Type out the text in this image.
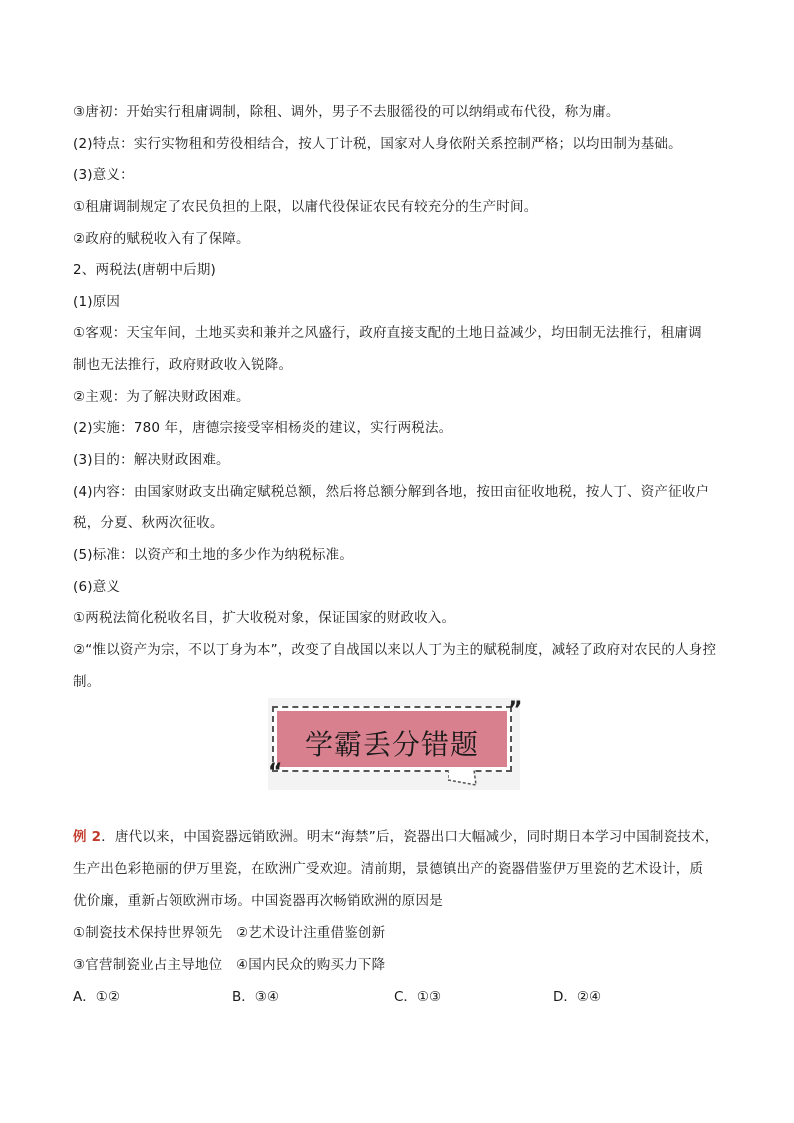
③唐初：开始实行租庸调制，除租、调外，男子不去服徭役的可以纳绢或布代役，称为庸。
(2)特点：实行实物租和劳役相结合，按人丁计税，国家对人身依附关系控制严格；以均田制为基础。
(3)意义：
①租庸调制规定了农民负担的上限，以庸代役保证农民有较充分的生产时间。
②政府的赋税收入有了保障。
2、两税法(唐朝中后期)
(1)原因
①客观：天宝年间，土地买卖和兼并之风盛行，政府直接支配的土地日益减少，均田制无法推行，租庸调
制也无法推行，政府财政收入锐降。
②主观：为了解决财政困难。
(2)实施：780 年，唐德宗接受宰相杨炎的建议，实行两税法。
(3)目的：解决财政困难。
(4)内容：由国家财政支出确定赋税总额，然后将总额分解到各地，按田亩征收地税，按人丁、资产征收户
税，分夏、秋两次征收。
(5)标准：以资产和土地的多少作为纳税标准。
(6)意义
①两税法简化税收名目，扩大收税对象，保证国家的财政收入。
②“惟以资产为宗，不以丁身为本”，改变了自战国以来以人丁为主的赋税制度，减轻了政府对农民的人身控
制。
学霸丢分错题
”
“
例 2．唐代以来，中国瓷器远销欧洲。明末“海禁”后，瓷器出口大幅减少，同时期日本学习中国制瓷技术，
生产出色彩艳丽的伊万里瓷，在欧洲广受欢迎。清前期，景德镇出产的瓷器借鉴伊万里瓷的艺术设计，质
优价廉，重新占领欧洲市场。中国瓷器再次畅销欧洲的原因是
①制瓷技术保持世界领先　②艺术设计注重借鉴创新
③官营制瓷业占主导地位　④国内民众的购买力下降
A．①②	B．③④	C．①③	D．②④
